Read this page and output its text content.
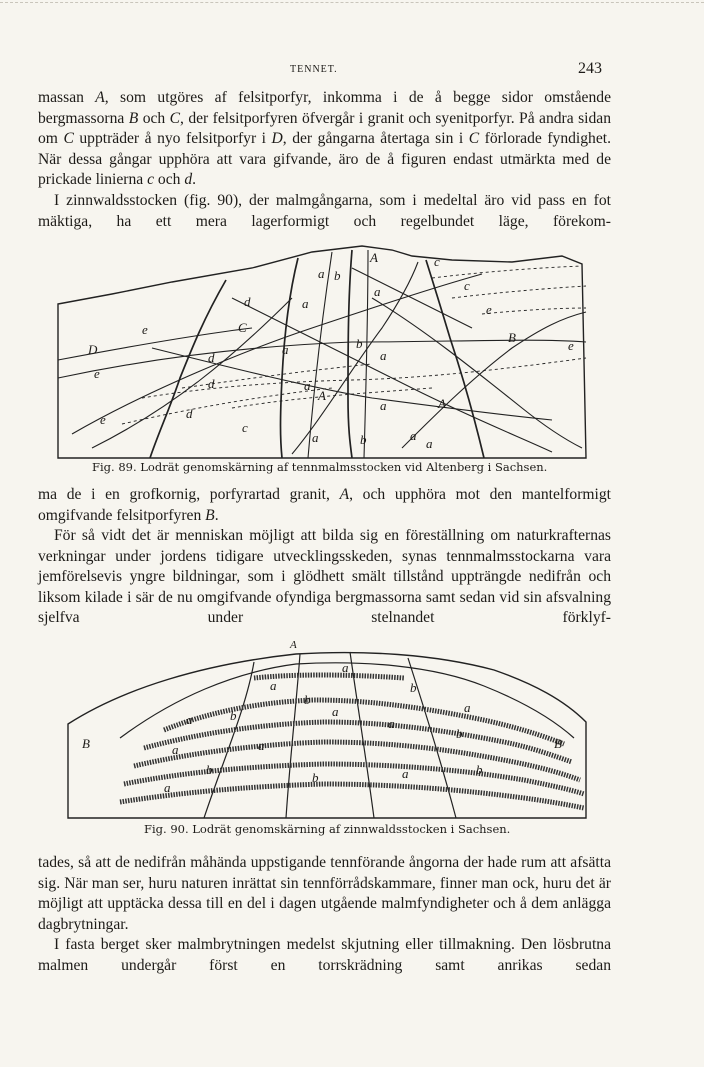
TENNET.	243

massan A, som utgöres af felsitporfyr, inkomma i de å begge sidor omstående bergmassorna B och C, der felsitporfyren öfvergår i granit och syenitporfyr. På andra sidan om C uppträder å nyo felsitporfyr i D, der gångarna återtaga sin i C förlorade fyndighet. När dessa gångar upphöra att vara gifvande, äro de å figuren endast utmärkta med de prickade linierna c och d.

I zinnwaldsstocken (fig. 90), der malmgångarna, som i medeltal äro vid pass en fot mäktiga, ha ett mera lagerformigt och regelbundet läge, förekom-

A
A
A
B
C
D
a
a
a
a	a
a
a
a	a
a
b
b
b
c
c
c
d
d
d
d
e
e
e
e
e
Fig. 89. Lodrät genomskärning af tennmalmsstocken vid Altenberg i Sachsen.

ma de i en grofkornig, porfyrartad granit, A, och upphöra mot den mantelformigt omgifvande felsitporfyren B.

För så vidt det är menniskan möjligt att bilda sig en föreställning om naturkrafternas verkningar under jordens tidigare utvecklingsskeden, synas tennmalmsstockarna vara jemförelsevis yngre bildningar, som i glödhett smält tillstånd uppträngde nedifrån och liksom kilade i sär de nu omgifvande ofyndiga bergmassorna samt sedan vid sin afsvalning sjelfva under stelnandet förklyf-

A
B	B
a
a
a
a
a
a
a	a
a
a
b
b
b
b
b
b
b
Fig. 90. Lodrät genomskärning af zinnwaldsstocken i Sachsen.

tades, så att de nedifrån måhända uppstigande tennförande ångorna der hade rum att afsätta sig. När man ser, huru naturen inrättat sin tennförrådskammare, finner man ock, huru det är möjligt att upptäcka dessa till en del i dagen utgående malmfyndigheter och å dem anlägga dagbrytningar.

I fasta berget sker malmbrytningen medelst skjutning eller tillmakning. Den lösbrutna malmen undergår först en torrskrädning samt anrikas sedan
